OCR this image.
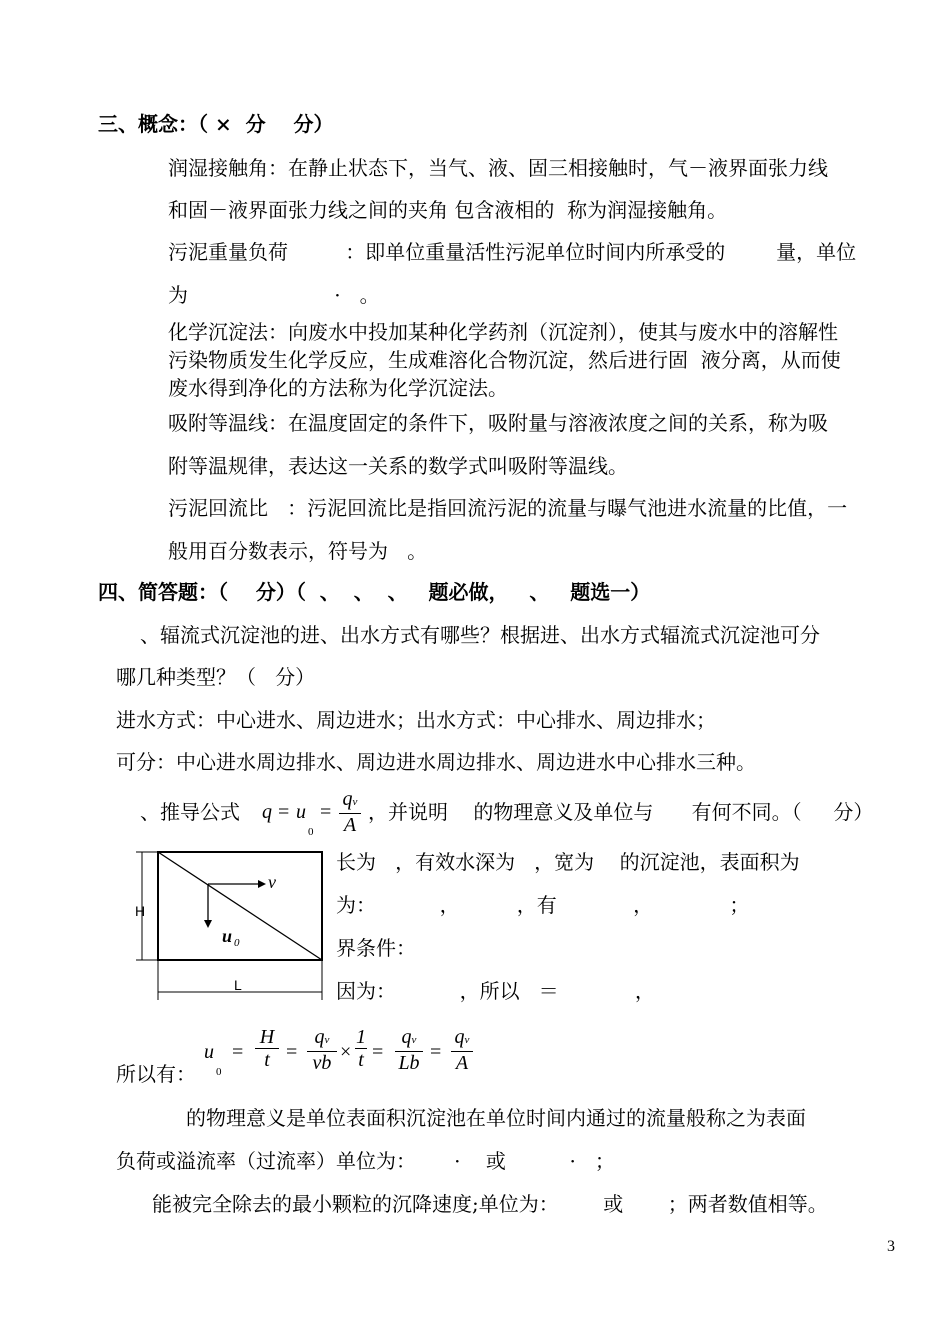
三、概念：（ ×  分    分）
润湿接触角：在静止状态下，当气、液、固三相接触时，气－液界面张力线
和固－液界面张力线之间的夹角 包含液相的  称为润湿接触角。
污泥重量负荷         ：即单位重量活性污泥单位时间内所承受的        量，单位
为                       ·   。
化学沉淀法：向废水中投加某种化学药剂（沉淀剂），使其与废水中的溶解性
污染物质发生化学反应，生成难溶化合物沉淀，然后进行固  液分离，从而使
废水得到净化的方法称为化学沉淀法。
吸附等温线：在温度固定的条件下，吸附量与溶液浓度之间的关系，称为吸
附等温规律，表达这一关系的数学式叫吸附等温线。
污泥回流比   ：污泥回流比是指回流污泥的流量与曝气池进水流量的比值，一
般用百分数表示，符号为   。
四、简答题：（    分）（  、  、  、   题必做，   、   题选一）
、辐流式沉淀池的进、出水方式有哪些？根据进、出水方式辐流式沉淀池可分
哪几种类型？（   分）
进水方式：中心进水、周边进水；出水方式：中心排水、周边排水；
可分：中心进水周边排水、周边进水周边排水、周边进水中心排水三种。
、推导公式 q = u
0
=
qv
A
，并说明    的物理意义及单位与      有何不同。（     分）
H
L
v
u 0
长为   ，有效水深为   ，宽为    的沉淀池，表面积为
为：          ，         ，有            ，            ；
界条件：
因为：          ，所以   ＝            ，
所以有：
u
0
=
H
t =
qv
vb ×
1
t =
qv
Lb =
qv
A
的物理意义是单位表面积沉淀池在单位时间内通过的流量般称之为表面
负荷或溢流率（过流率）单位为：      ·    或          ·   ；
能被完全除去的最小颗粒的沉降速度;单位为：       或       ；两者数值相等。
3
